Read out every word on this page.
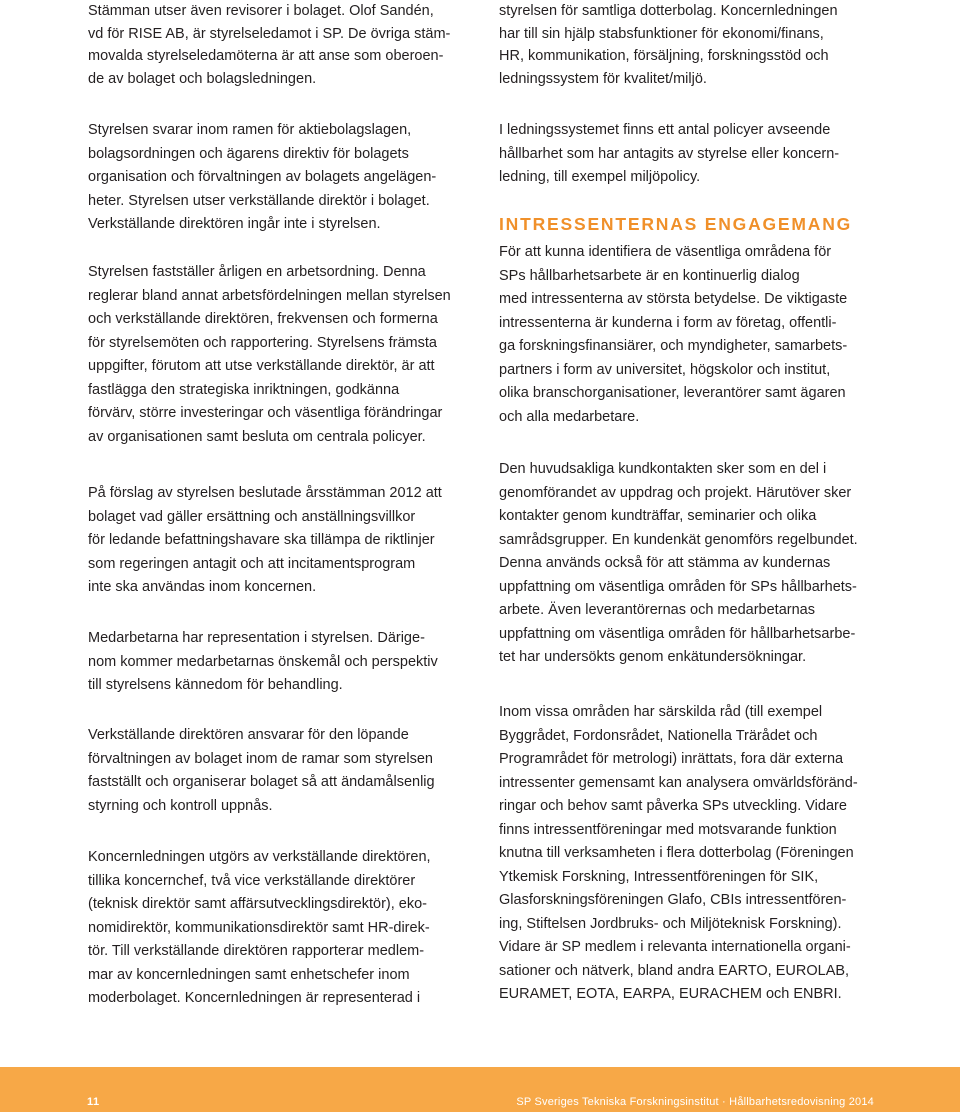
Stämman utser även revisorer i bolaget. Olof Sandén,
vd för RISE AB, är styrelseledamot i SP. De övriga stäm-
movalda styrelseledamöterna är att anse som oberoen-
de av bolaget och bolagsledningen.

Styrelsen svarar inom ramen för aktiebolagslagen,
bolagsordningen och ägarens direktiv för bolagets
organisation och förvaltningen av bolagets angelägen-
heter. Styrelsen utser verkställande direktör i bolaget.
Verkställande direktören ingår inte i styrelsen.

Styrelsen fastställer årligen en arbetsordning. Denna
reglerar bland annat arbetsfördelningen mellan styrelsen
och verkställande direktören, frekvensen och formerna
för styrelsemöten och rapportering. Styrelsens främsta
uppgifter, förutom att utse verkställande direktör, är att
fastlägga den strategiska inriktningen, godkänna
förvärv, större investeringar och väsentliga förändringar
av organisationen samt besluta om centrala policyer.

På förslag av styrelsen beslutade årsstämman 2012 att
bolaget vad gäller ersättning och anställningsvillkor
för ledande befattningshavare ska tillämpa de riktlinjer
som regeringen antagit och att incitamentsprogram
inte ska användas inom koncernen.

Medarbetarna har representation i styrelsen. Därige-
nom kommer medarbetarnas önskemål och perspektiv
till styrelsens kännedom för behandling.

Verkställande direktören ansvarar för den löpande
förvaltningen av bolaget inom de ramar som styrelsen
fastställt och organiserar bolaget så att ändamålsenlig
styrning och kontroll uppnås.

Koncernledningen utgörs av verkställande direktören,
tillika koncernchef, två vice verkställande direktörer
(teknisk direktör samt affärsutvecklingsdirektör), eko-
nomidirektör, kommunikationsdirektör samt HR-direk-
tör. Till verkställande direktören rapporterar medlem-
mar av koncernledningen samt enhetschefer inom
moderbolaget. Koncernledningen är representerad i

styrelsen för samtliga dotterbolag. Koncernledningen
har till sin hjälp stabsfunktioner för ekonomi/finans,
HR, kommunikation, försäljning, forskningsstöd och
ledningssystem för kvalitet/miljö.

I ledningssystemet finns ett antal policyer avseende
hållbarhet som har antagits av styrelse eller koncern-
ledning, till exempel miljöpolicy.

För att kunna identifiera de väsentliga områdena för
SPs hållbarhetsarbete är en kontinuerlig dialog
med intressenterna av största betydelse. De viktigaste
intressenterna är kunderna i form av företag, offentli-
ga forskningsfinansiärer, och myndigheter, samarbets-
partners i form av universitet, högskolor och institut,
olika branschorganisationer, leverantörer samt ägaren
och alla medarbetare.

Den huvudsakliga kundkontakten sker som en del i
genomförandet av uppdrag och projekt. Härutöver sker
kontakter genom kundträffar, seminarier och olika
samrådsgrupper. En kundenkät genomförs regelbundet.
Denna används också för att stämma av kundernas
uppfattning om väsentliga områden för SPs hållbarhets-
arbete. Även leverantörernas och medarbetarnas
uppfattning om väsentliga områden för hållbarhetsarbe-
tet har undersökts genom enkätundersökningar.

Inom vissa områden har särskilda råd (till exempel
Byggrådet, Fordonsrådet, Nationella Trärådet och
Programrådet för metrologi) inrättats, fora där externa
intressenter gemensamt kan analysera omvärldsföränd-
ringar och behov samt påverka SPs utveckling. Vidare
finns intressentföreningar med motsvarande funktion
knutna till verksamheten i flera dotterbolag (Föreningen
Ytkemisk Forskning, Intressentföreningen för SIK,
Glasforskningsföreningen Glafo, CBIs intressentfören-
ing, Stiftelsen Jordbruks- och Miljöteknisk Forskning).
Vidare är SP medlem i relevanta internationella organi-
sationer och nätverk, bland andra EARTO, EUROLAB,
EURAMET, EOTA, EARPA, EURACHEM och ENBRI.

INTRESSENTERNAS ENGAGEMANG
11	SP Sveriges Tekniska Forskningsinstitut · Hållbarhetsredovisning 2014
